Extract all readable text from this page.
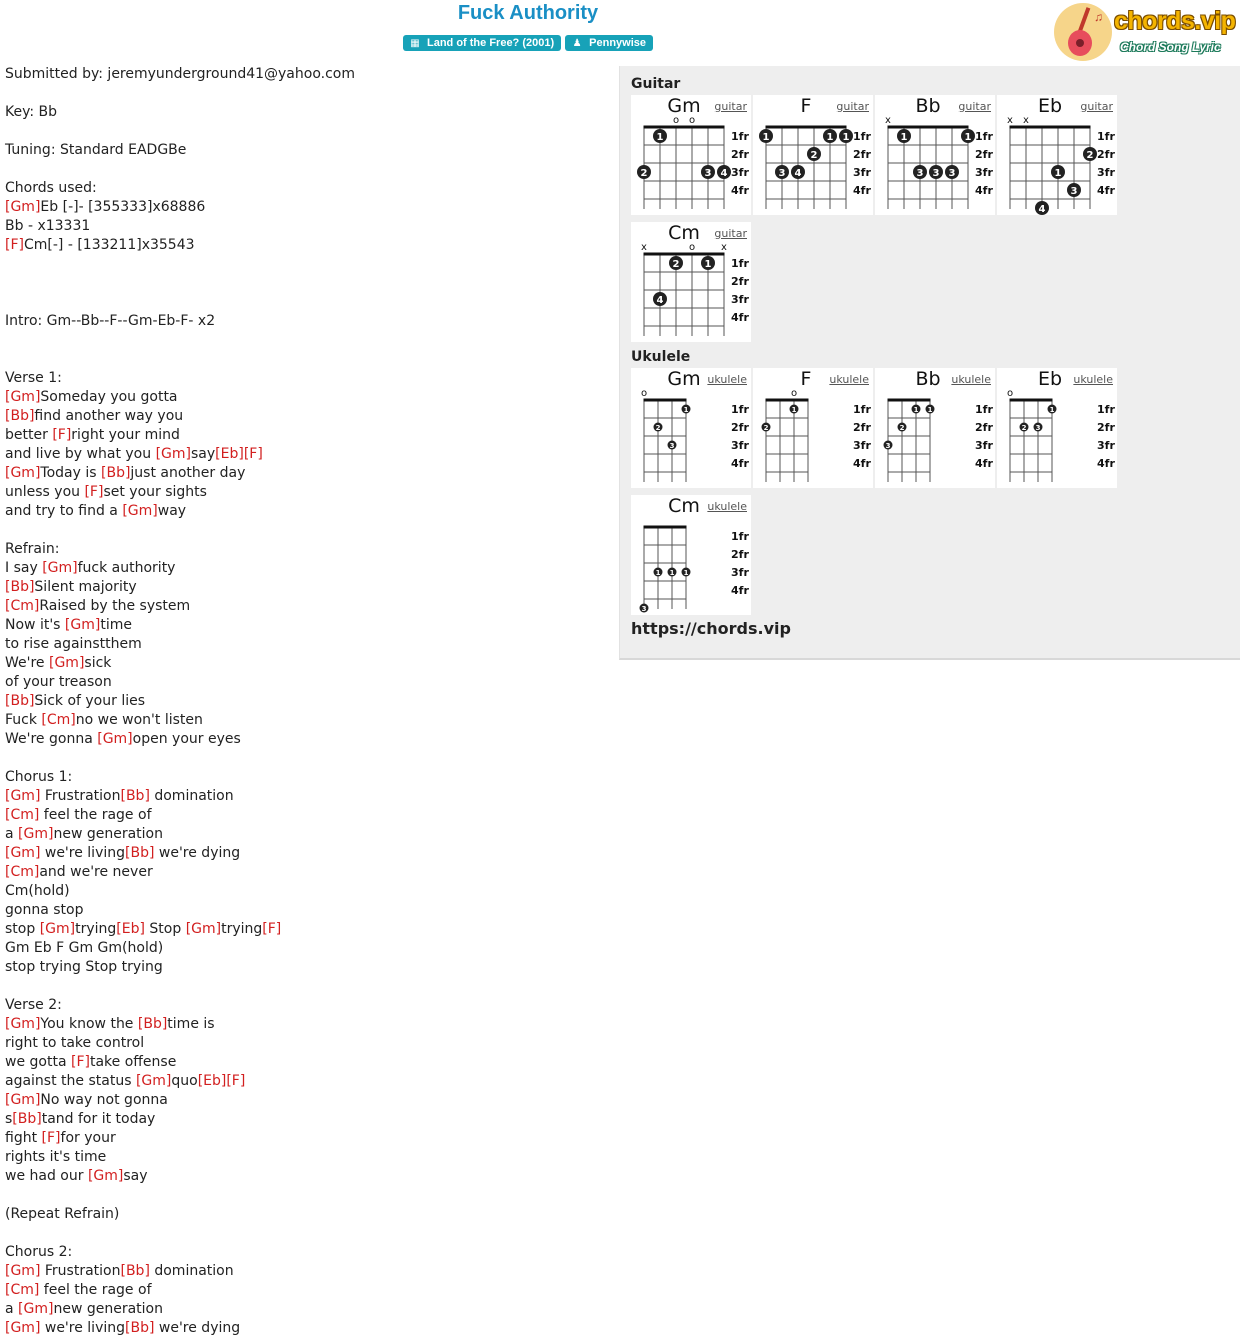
Fuck Authority
▦ Land of the Free? (2001) ♟ Pennywise
♫ chords.vip
Chord Song Lyric
Submitted by: jeremyunderground41@yahoo.com
Key: Bb
Tuning: Standard EADGBe
Chords used:
[Gm]Eb [-]- [355333]x68886
Bb - x13331
[F]Cm[-] - [133211]x35543
Intro: Gm--Bb--F--Gm-Eb-F- x2
Verse 1:
[Gm]Someday you gotta
[Bb]find another way you
better [F]right your mind
and live by what you [Gm]say[Eb][F]
[Gm]Today is [Bb]just another day
unless you [F]set your sights
and try to find a [Gm]way
Refrain:
I say [Gm]fuck authority
[Bb]Silent majority
[Cm]Raised by the system
Now it's [Gm]time
to rise againstthem
We're [Gm]sick
of your treason
[Bb]Sick of your lies
Fuck [Cm]no we won't listen
We're gonna [Gm]open your eyes
Chorus 1:
[Gm] Frustration[Bb] domination
[Cm] feel the rage of
a [Gm]new generation
[Gm] we're living[Bb] we're dying
[Cm]and we're never
Cm(hold)
gonna stop
stop [Gm]trying[Eb] Stop [Gm]trying[F]
Gm Eb F Gm Gm(hold)
stop trying Stop trying
Verse 2:
[Gm]You know the [Bb]time is
right to take control
we gotta [F]take offense
against the status [Gm]quo[Eb][F]
[Gm]No way not gonna
s[Bb]tand for it today
fight [F]for your
rights it's time
we had our [Gm]say
(Repeat Refrain)
Chorus 2:
[Gm] Frustration[Bb] domination
[Cm] feel the rage of
a [Gm]new generation
[Gm] we're living[Bb] we're dying
Guitar
Gm	guitar
1fr
2fr
3fr
4fr
o o
1
2	3 4
F	guitar
1fr
2fr
3fr
4fr
1	1 1
2
3 4
Bb	guitar
1fr
2fr
3fr
4fr
x
1	1
3 3 3
Eb	guitar
1fr
2fr
3fr
4fr
x x
2
1
3
4
Cm	guitar
1fr
2fr
3fr
4fr
x	o	x
2	1
4
Ukulele
Gm ukulele
1fr
2fr
3fr
4fr
o
1
2
3
F	ukulele
1fr
2fr
3fr
4fr
o
1
2
Bb ukulele
1fr
2fr
3fr
4fr
1 1
2
3
Eb	ukulele
1fr
2fr
3fr
4fr
o
1
2 3
Cm ukulele
1fr
2fr
3fr
4fr
1 1 1
3
https://chords.vip
